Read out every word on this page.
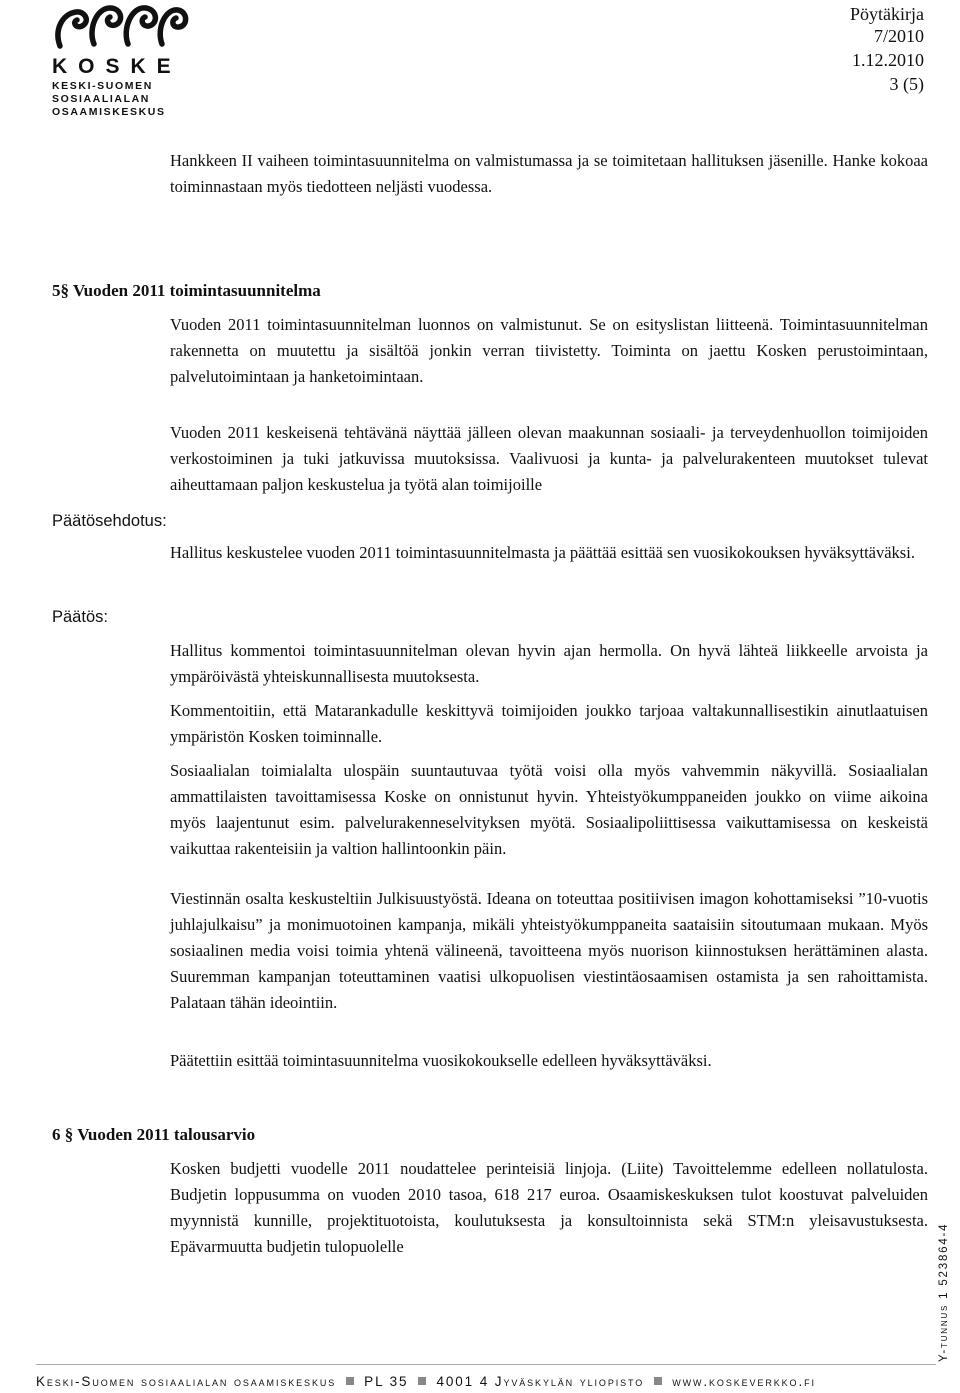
KOSKE
KESKI-SUOMEN
SOSIAALIALAN
OSAAMISKESKUS
Pöytäkirja
7/2010
1.12.2010
3 (5)

Hankkeen II vaiheen toimintasuunnitelma on valmistumassa ja se toimitetaan hallituksen jäsenille. Hanke kokoaa toiminnastaan myös tiedotteen neljästi vuodessa.

5§ Vuoden 2011 toimintasuunnitelma

Vuoden 2011 toimintasuunnitelman luonnos on valmistunut. Se on esityslistan liitteenä. Toimintasuunnitelman rakennetta on muutettu ja sisältöä jonkin verran tiivistetty. Toiminta on jaettu Kosken perustoimintaan, palvelutoimintaan ja hanketoimintaan.

Vuoden 2011 keskeisenä tehtävänä näyttää jälleen olevan maakunnan sosiaali- ja terveydenhuollon toimijoiden verkostoiminen ja tuki jatkuvissa muutoksissa. Vaalivuosi ja kunta- ja palvelurakenteen muutokset tulevat aiheuttamaan paljon keskustelua ja työtä alan toimijoille

Päätösehdotus:

Hallitus keskustelee vuoden 2011 toimintasuunnitelmasta ja päättää esittää sen vuosikokouksen hyväksyttäväksi.

Päätös:

Hallitus kommentoi toimintasuunnitelman olevan hyvin ajan hermolla. On hyvä lähteä liikkeelle arvoista ja ympäröivästä yhteiskunnallisesta muutoksesta.

Kommentoitiin, että Matarankadulle keskittyvä toimijoiden joukko tarjoaa valtakunnallisestikin ainutlaatuisen ympäristön Kosken toiminnalle.

Sosiaalialan toimialalta ulospäin suuntautuvaa työtä voisi olla myös vahvemmin näkyvillä. Sosiaalialan ammattilaisten tavoittamisessa Koske on onnistunut hyvin. Yhteistyökumppaneiden joukko on viime aikoina myös laajentunut esim. palvelurakenneselvityksen myötä. Sosiaalipoliittisessa vaikuttamisessa on keskeistä vaikuttaa rakenteisiin ja valtion hallintoonkin päin.

Viestinnän osalta keskusteltiin Julkisuustyöstä. Ideana on toteuttaa positiivisen imagon kohottamiseksi ”10-vuotis juhlajulkaisu” ja monimuotoinen kampanja, mikäli yhteistyökumppaneita saataisiin sitoutumaan mukaan. Myös sosiaalinen media voisi toimia yhtenä välineenä, tavoitteena myös nuorison kiinnostuksen herättäminen alasta. Suuremman kampanjan toteuttaminen vaatisi ulkopuolisen viestintäosaamisen ostamista ja sen rahoittamista. Palataan tähän ideointiin.

Päätettiin esittää toimintasuunnitelma vuosikokoukselle edelleen hyväksyttäväksi.

6 § Vuoden 2011 talousarvio

Kosken budjetti vuodelle 2011 noudattelee perinteisiä linjoja. (Liite) Tavoittelemme edelleen nollatulosta. Budjetin loppusumma on vuoden 2010 tasoa, 618 217 euroa. Osaamiskeskuksen tulot koostuvat palveluiden myynnistä kunnille, projektituotoista, koulutuksesta ja konsultoinnista sekä STM:n yleisavustuksesta. Epävarmuutta budjetin tulopuolelle	Y-tunnus 1 523864-4
Keski-Suomen sosiaalialan osaamiskeskus PL 35 4001 4 Jyväskylän yliopisto www.koskeverkko.fi
